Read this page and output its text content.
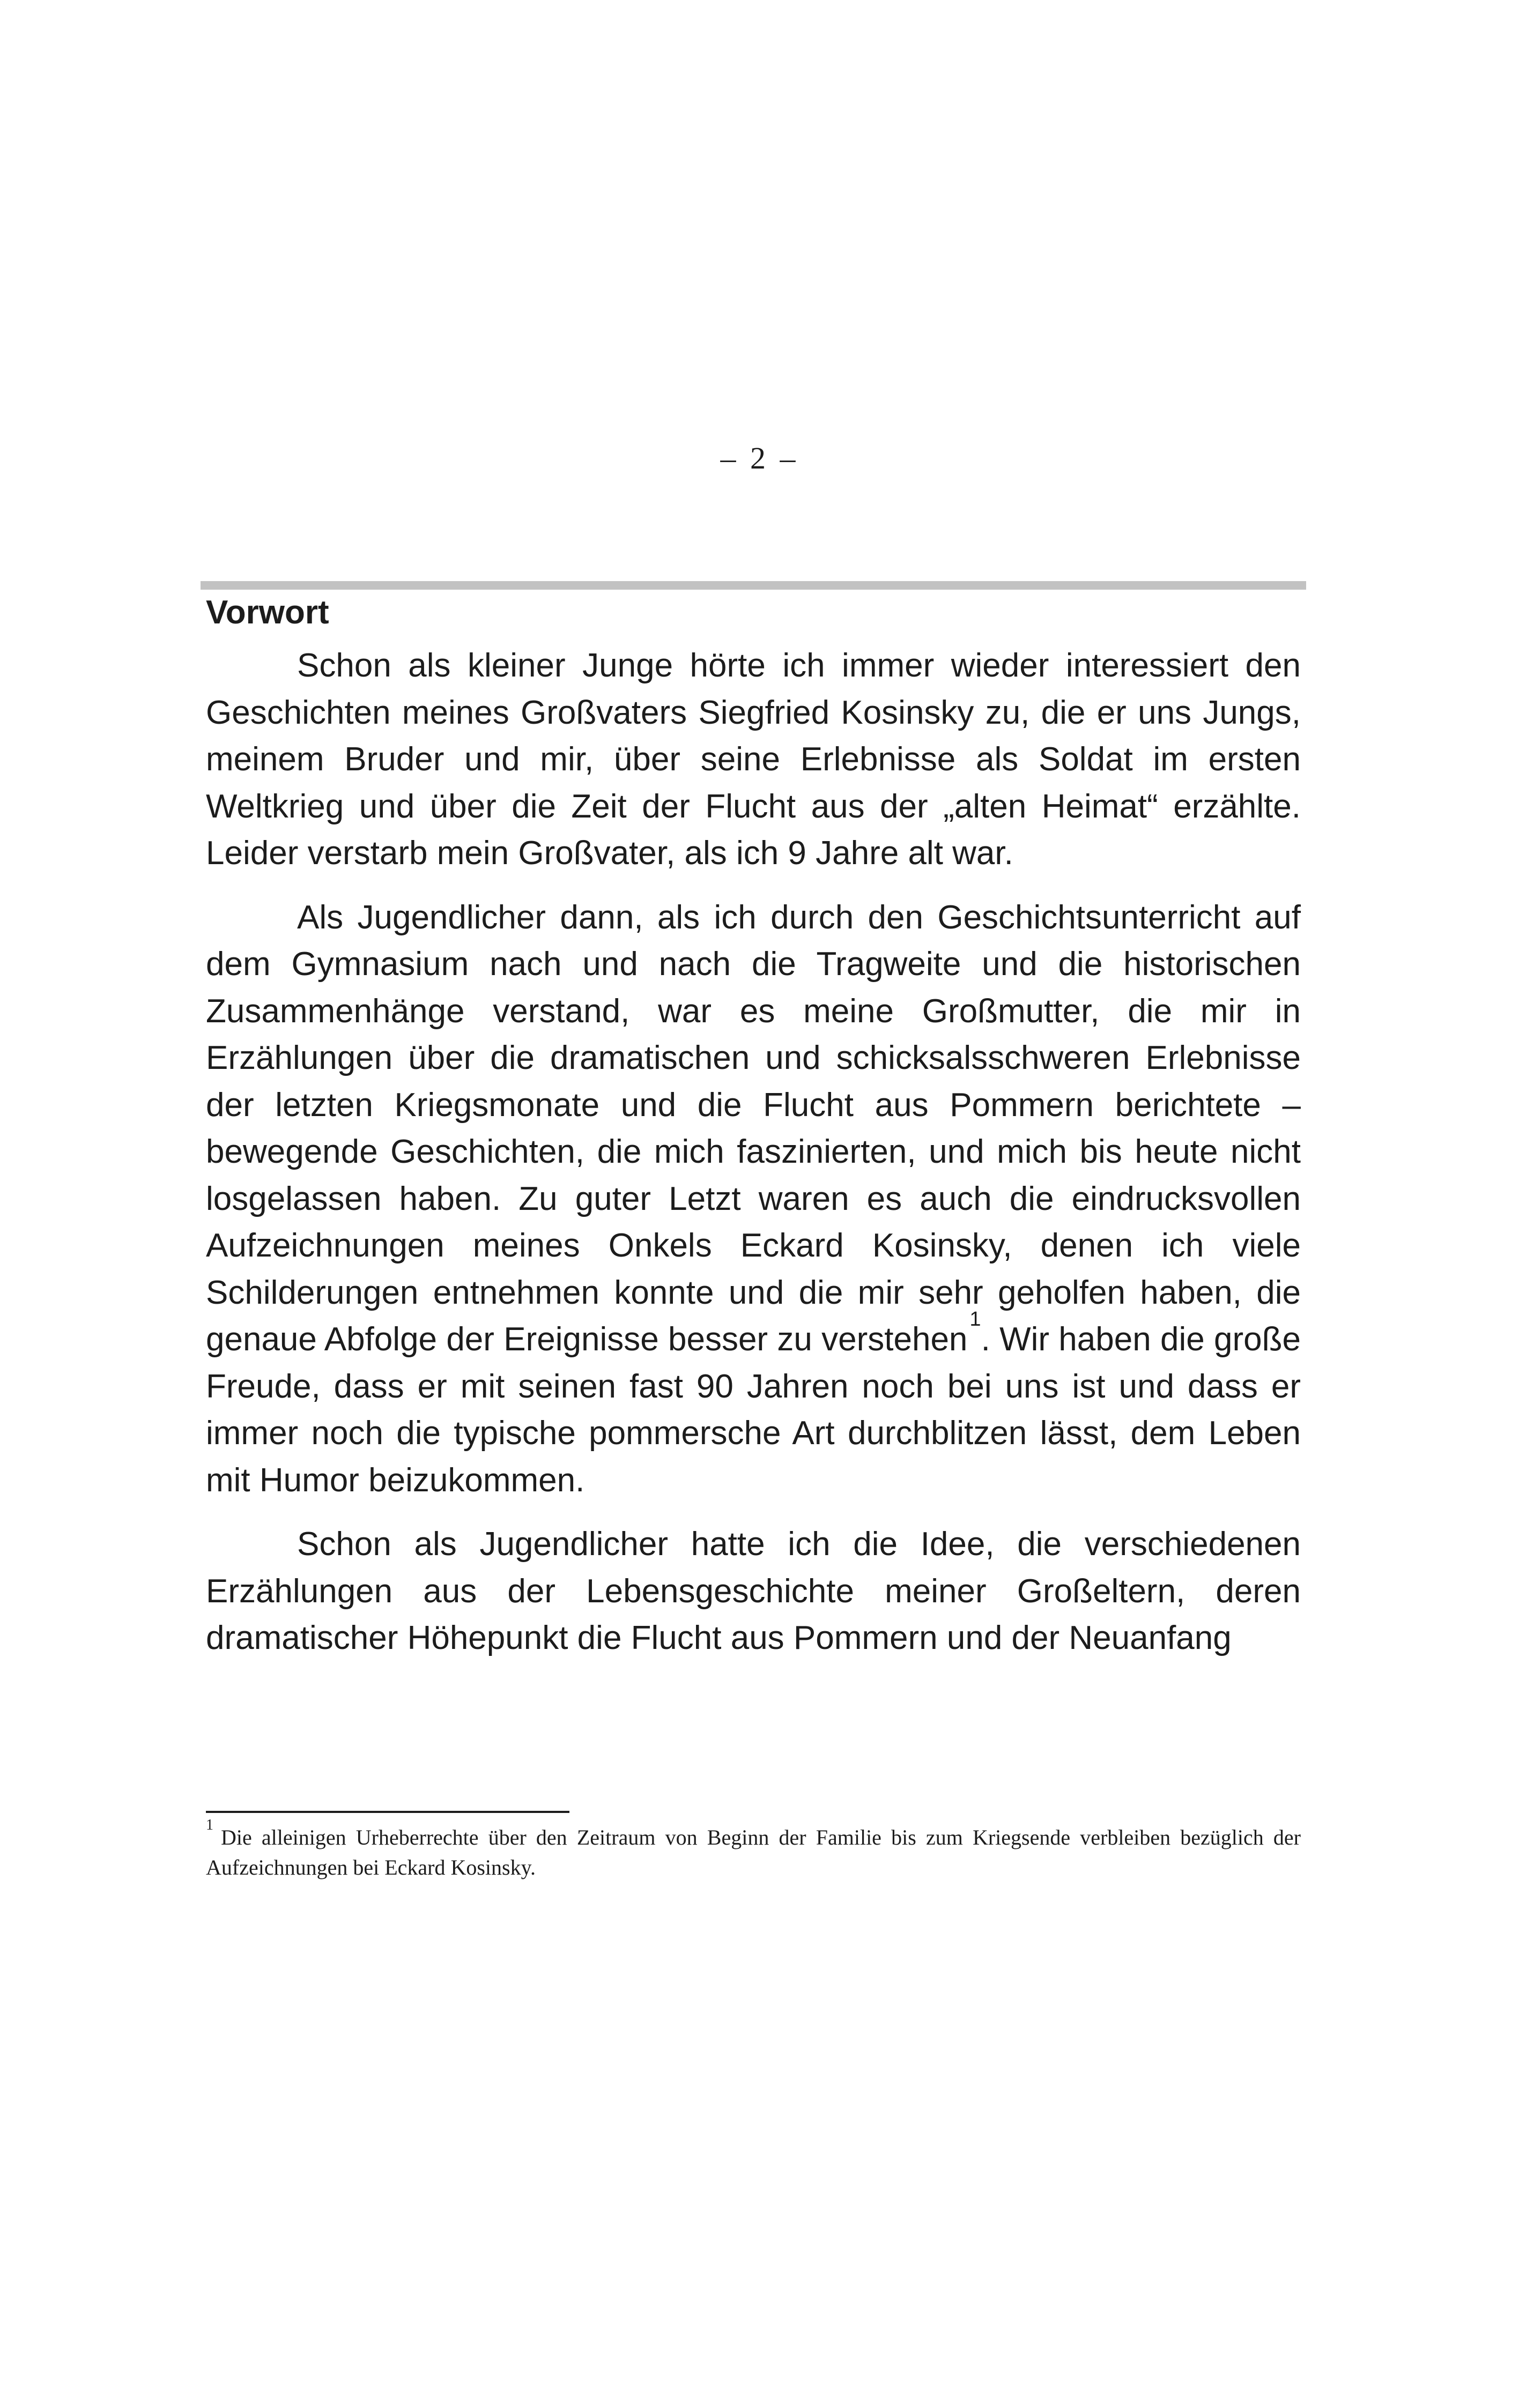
– 2 –
Vorwort

Schon als kleiner Junge hörte ich immer wieder interessiert den Geschichten meines Großvaters Siegfried Kosinsky zu, die er uns Jungs, meinem Bruder und mir, über seine Erlebnisse als Soldat im ersten Weltkrieg und über die Zeit der Flucht aus der „alten Heimat“ erzählte. Leider verstarb mein Großvater, als ich 9 Jahre alt war.

Als Jugendlicher dann, als ich durch den Geschichtsunterricht auf dem Gymnasium nach und nach die Tragweite und die historischen Zusammenhänge verstand, war es meine Großmutter, die mir in Erzählungen über die dramatischen und schicksalsschweren Erlebnisse der letzten Kriegsmonate und die Flucht aus Pommern berichtete – bewegende Geschichten, die mich faszinierten, und mich bis heute nicht losgelassen haben. Zu guter Letzt waren es auch die eindrucksvollen Aufzeichnungen meines Onkels Eckard Kosinsky, denen ich viele Schilderungen entnehmen konnte und die mir sehr geholfen haben, die genaue Abfolge der Ereignisse besser zu verstehen$^1$. Wir haben die große Freude, dass er mit seinen fast 90 Jahren noch bei uns ist und dass er immer noch die typische pommersche Art durchblitzen lässt, dem Leben mit Humor beizukommen.

Schon als Jugendlicher hatte ich die Idee, die verschiedenen Erzählungen aus der Lebensgeschichte meiner Großeltern, deren dramatischer Höhepunkt die Flucht aus Pommern und der Neuanfang

$^1$Die alleinigen Urheberrechte über den Zeitraum von Beginn der Familie bis zum Kriegsende verbleiben bezüglich der Aufzeichnungen bei Eckard Kosinsky.
